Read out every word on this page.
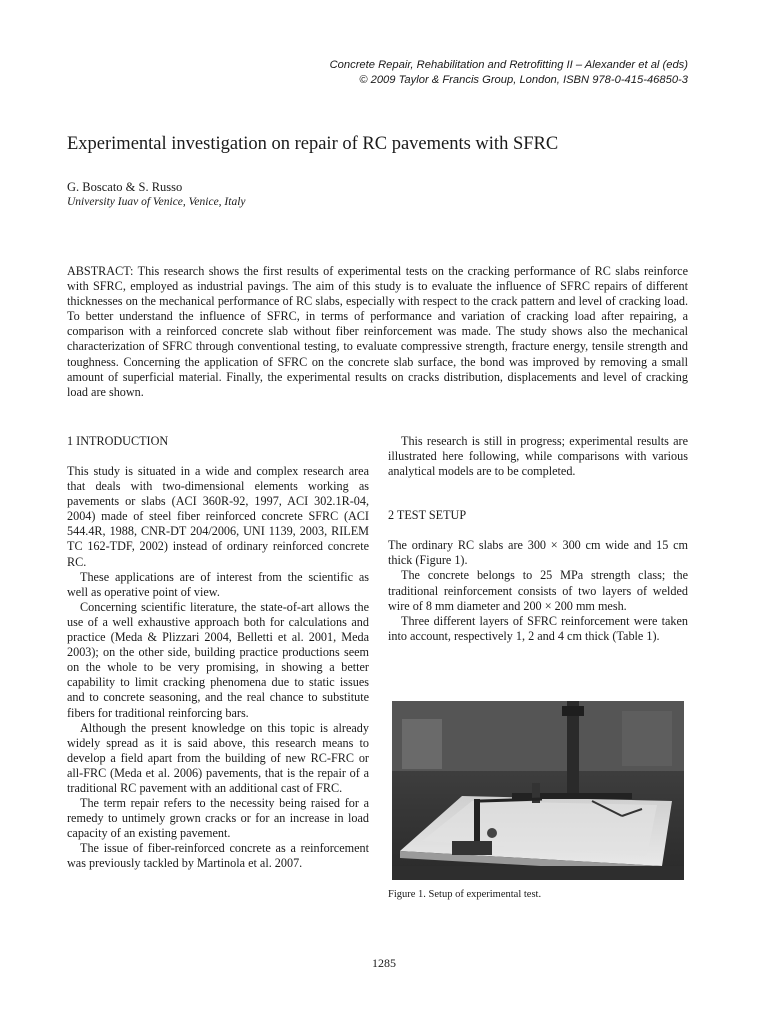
Concrete Repair, Rehabilitation and Retrofitting II – Alexander et al (eds)
© 2009 Taylor & Francis Group, London, ISBN 978-0-415-46850-3
Experimental investigation on repair of RC pavements with SFRC
G. Boscato & S. Russo
University Iuav of Venice, Venice, Italy

ABSTRACT: This research shows the first results of experimental tests on the cracking performance of RC slabs reinforce with SFRC, employed as industrial pavings. The aim of this study is to evaluate the influence of SFRC repairs of different thicknesses on the mechanical performance of RC slabs, especially with respect to the crack pattern and level of cracking load. To better understand the influence of SFRC, in terms of performance and variation of cracking load after repairing, a comparison with a reinforced concrete slab without fiber reinforcement was made. The study shows also the mechanical characterization of SFRC through conventional testing, to evaluate compressive strength, fracture energy, tensile strength and toughness. Concerning the application of SFRC on the concrete slab surface, the bond was improved by removing a small amount of superficial material. Finally, the experimental results on cracks distribution, displacements and level of cracking load are shown.

1 INTRODUCTION

This study is situated in a wide and complex research area that deals with two-dimensional elements working as pavements or slabs (ACI 360R-92, 1997, ACI 302.1R-04, 2004) made of steel fiber reinforced concrete SFRC (ACI 544.4R, 1988, CNR-DT 204/2006, UNI 1139, 2003, RILEM TC 162-TDF, 2002) instead of ordinary reinforced concrete RC.

These applications are of interest from the scientific as well as operative point of view.

Concerning scientific literature, the state-of-art allows the use of a well exhaustive approach both for calculations and practice (Meda & Plizzari 2004, Belletti et al. 2001, Meda 2003); on the other side, building practice productions seem on the whole to be very promising, in showing a better capability to limit cracking phenomena due to static issues and to concrete seasoning, and the real chance to substitute fibers for traditional reinforcing bars.

Although the present knowledge on this topic is already widely spread as it is said above, this research means to develop a field apart from the building of new RC-FRC or all-FRC (Meda et al. 2006) pavements, that is the repair of a traditional RC pavement with an additional cast of FRC.

The term repair refers to the necessity being raised for a remedy to untimely grown cracks or for an increase in load capacity of an existing pavement.

The issue of fiber-reinforced concrete as a reinforcement was previously tackled by Martinola et al. 2007.

This research is still in progress; experimental results are illustrated here following, while comparisons with various analytical models are to be completed.

2 TEST SETUP

The ordinary RC slabs are 300 × 300 cm wide and 15 cm thick (Figure 1).

The concrete belongs to 25 MPa strength class; the traditional reinforcement consists of two layers of welded wire of 8 mm diameter and 200 × 200 mm mesh.

Three different layers of SFRC reinforcement were taken into account, respectively 1, 2 and 4 cm thick (Table 1).

Figure 1. Setup of experimental test.
1285
